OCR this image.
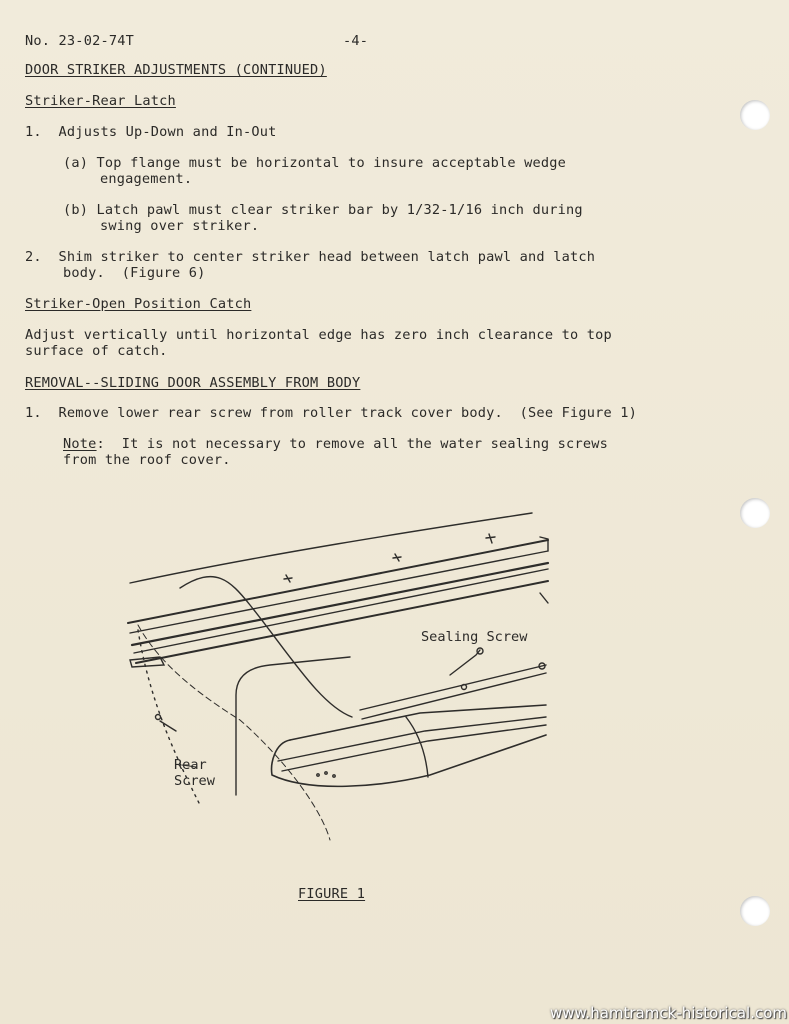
No. 23-02-74T	-4-
DOOR STRIKER ADJUSTMENTS (CONTINUED)
Striker-Rear Latch
1.  Adjusts Up-Down and In-Out
(a) Top flange must be horizontal to insure acceptable wedge
engagement.
(b) Latch pawl must clear striker bar by 1/32-1/16 inch during
swing over striker.
2.  Shim striker to center striker head between latch pawl and latch
body.  (Figure 6)
Striker-Open Position Catch
Adjust vertically until horizontal edge has zero inch clearance to top
surface of catch.
REMOVAL--SLIDING DOOR ASSEMBLY FROM BODY
1.  Remove lower rear screw from roller track cover body.  (See Figure 1)
Note:  It is not necessary to remove all the water sealing screws
from the roof cover.
Sealing Screw
Rear
Screw
FIGURE 1
www.hamtramck-historical.com
